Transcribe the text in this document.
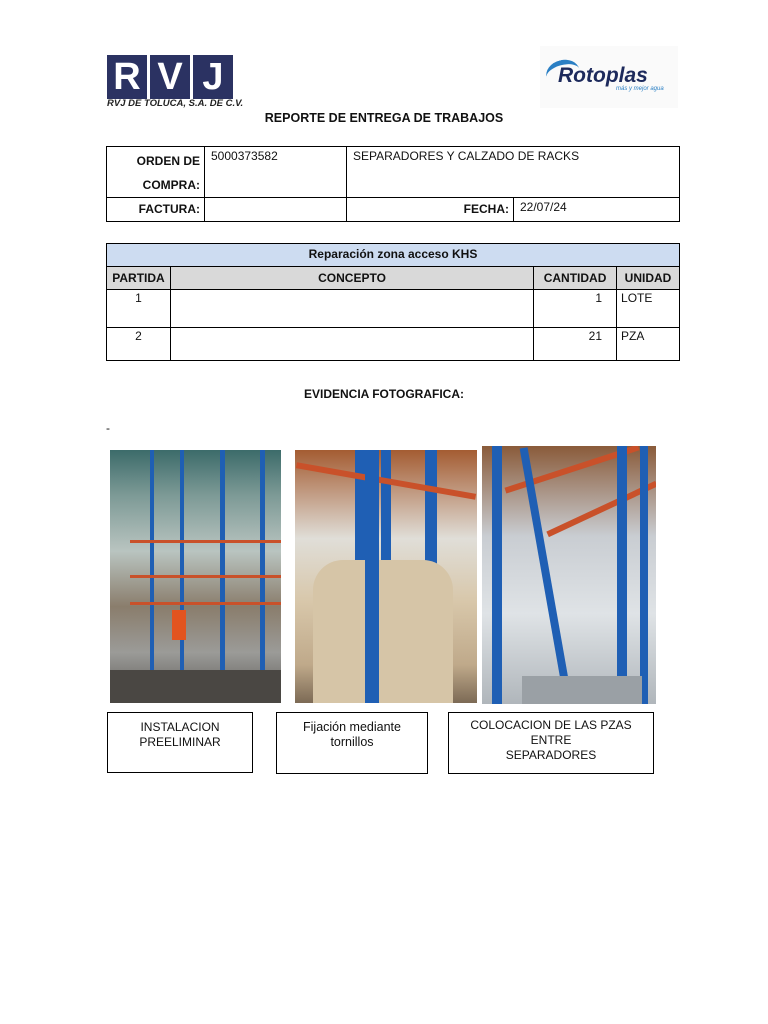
R V J
RVJ DE TOLUCA, S.A. DE C.V.
Rotoplas
más y mejor agua
REPORTE DE ENTREGA DE TRABAJOS
ORDEN DE
COMPRA:	5000373582	SEPARADORES Y CALZADO DE RACKS	
FACTURA:		FECHA:	22/07/24
Reparación zona acceso KHS			
PARTIDA	CONCEPTO	CANTIDAD	UNIDAD
1		1	LOTE
2		21	PZA
EVIDENCIA FOTOGRAFICA:
-
INSTALACION
PREELIMINAR
Fijación mediante
tornillos
COLOCACION DE LAS PZAS ENTRE
SEPARADORES
